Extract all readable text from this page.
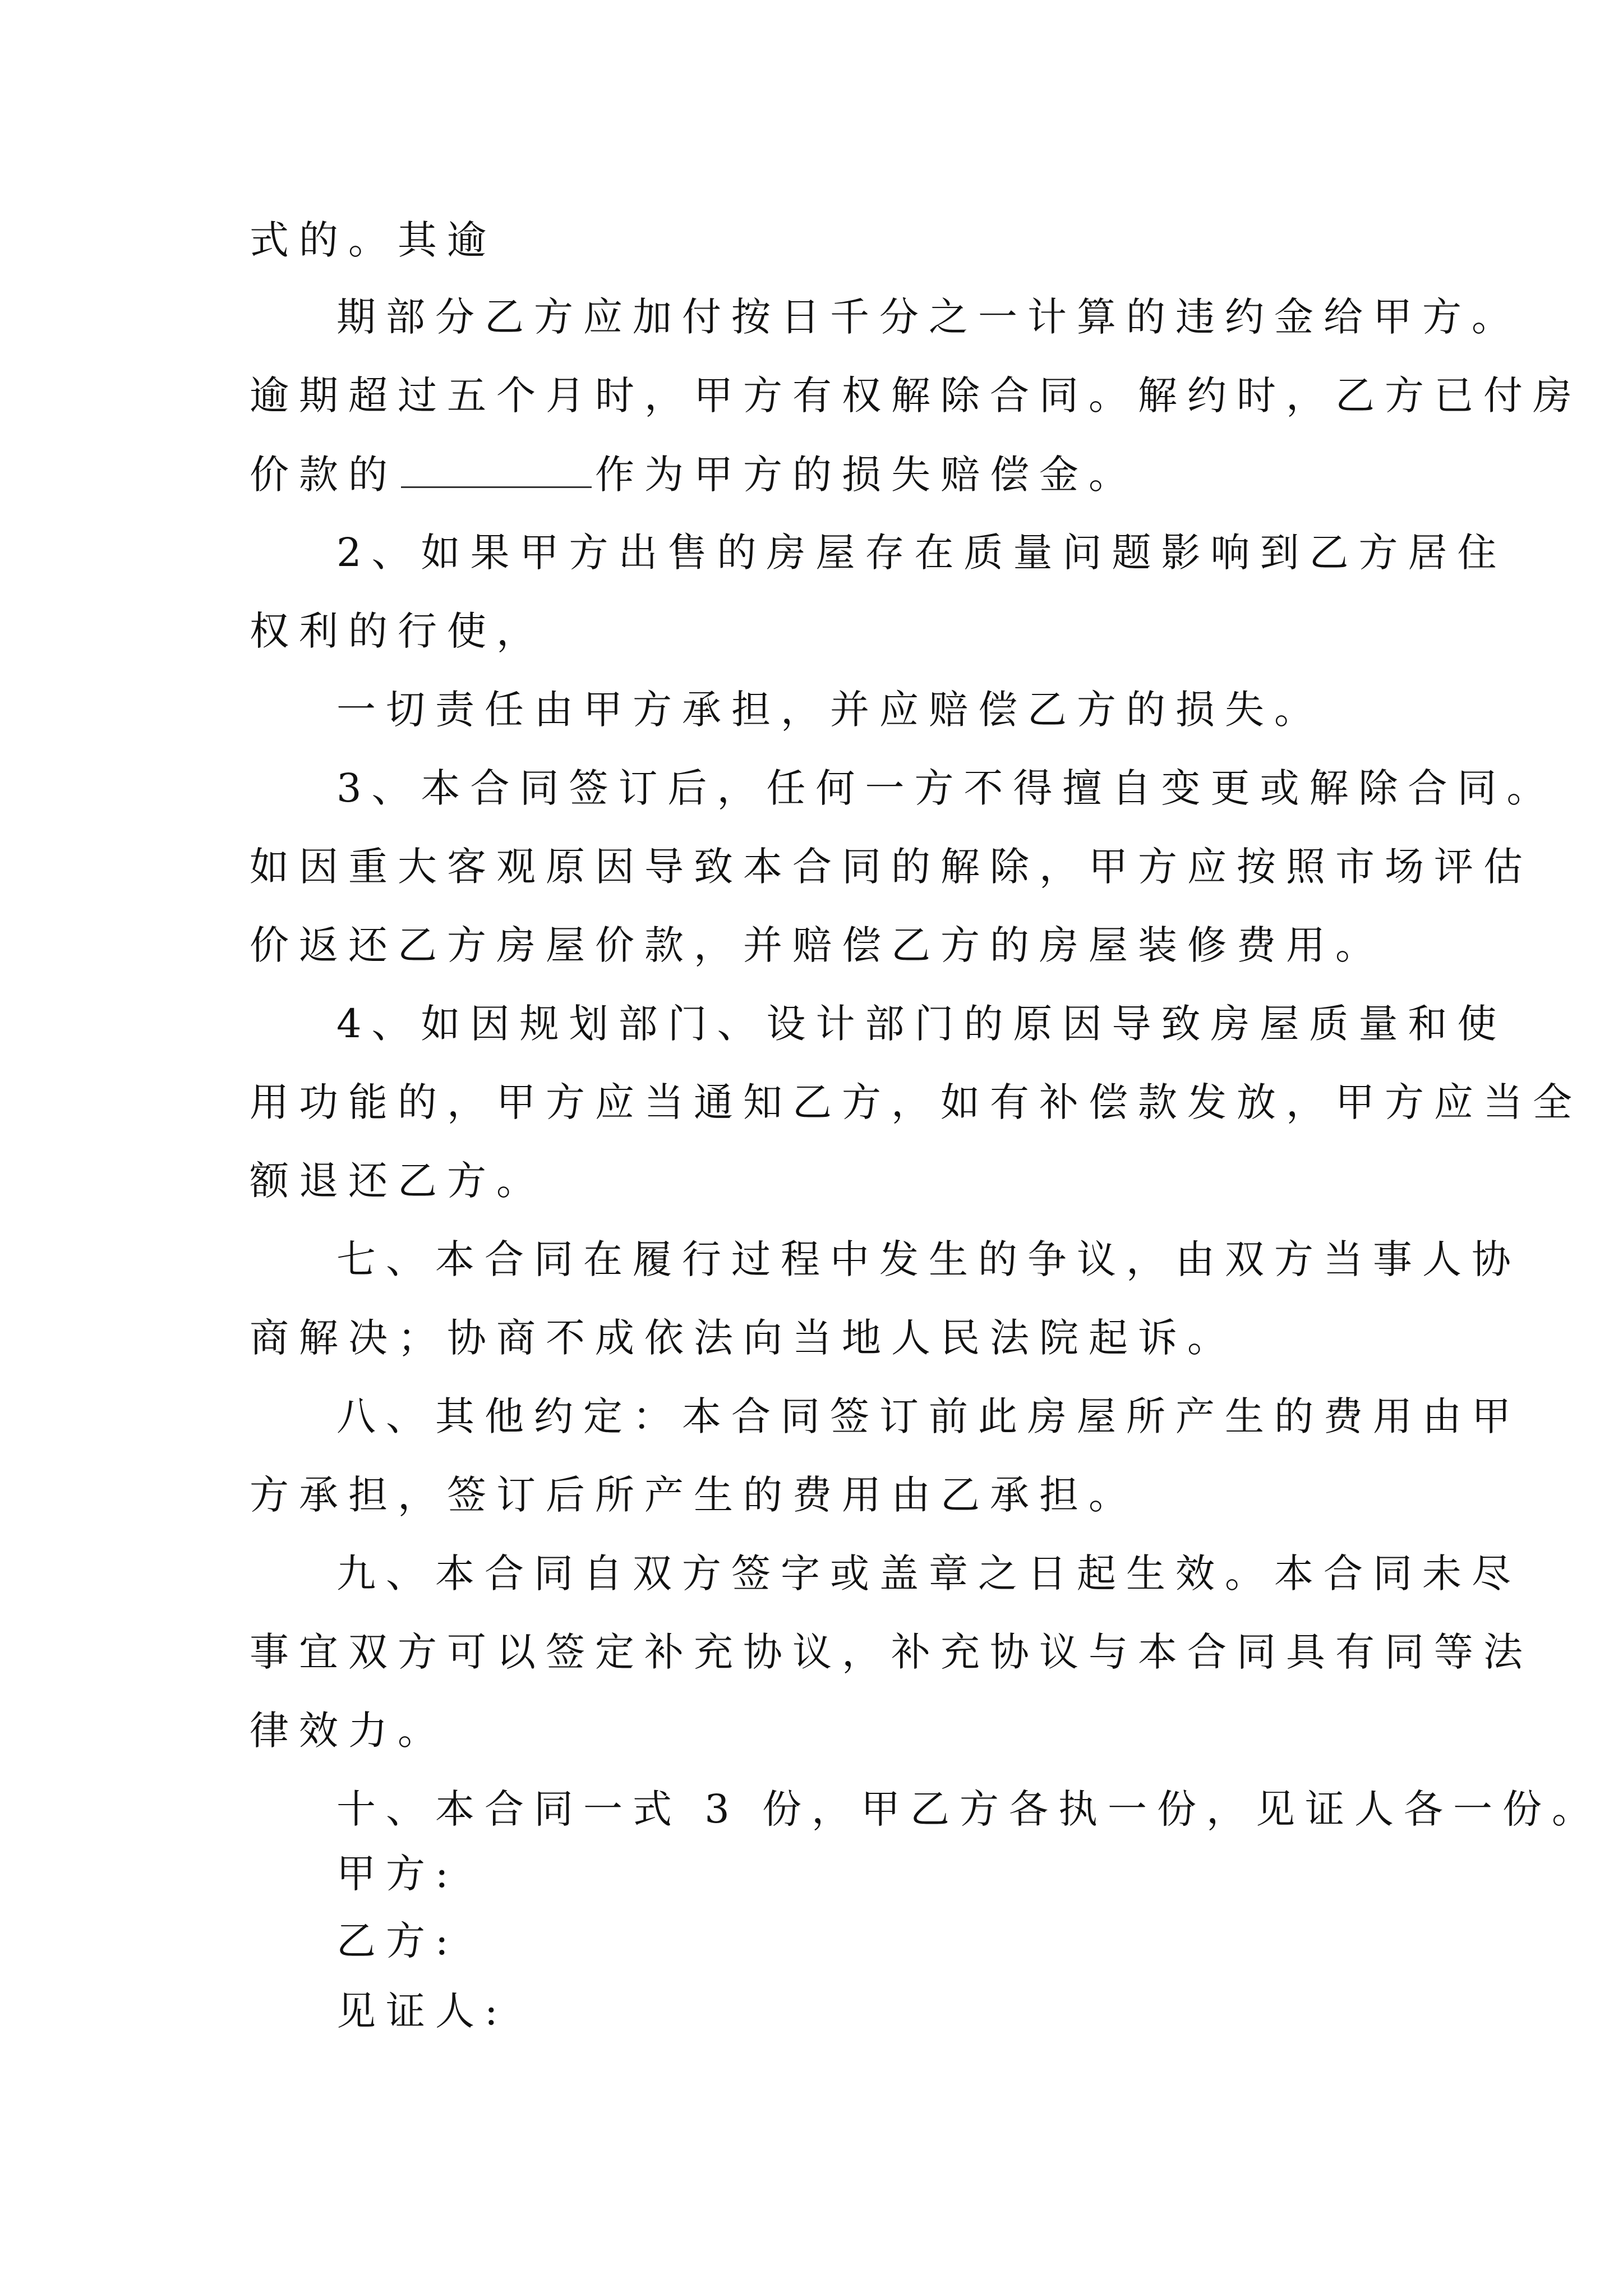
式的。其逾
期部分乙方应加付按日千分之一计算的违约金给甲方。
逾期超过五个月时，甲方有权解除合同。解约时，乙方已付房
价款的	作为甲方的损失赔偿金。
2、如果甲方出售的房屋存在质量问题影响到乙方居住
权利的行使，
一切责任由甲方承担，并应赔偿乙方的损失。
3、本合同签订后，任何一方不得擅自变更或解除合同。
如因重大客观原因导致本合同的解除，甲方应按照市场评估
价返还乙方房屋价款，并赔偿乙方的房屋装修费用。
4、如因规划部门、设计部门的原因导致房屋质量和使
用功能的，甲方应当通知乙方，如有补偿款发放，甲方应当全
额退还乙方。
七、本合同在履行过程中发生的争议，由双方当事人协
商解决；协商不成依法向当地人民法院起诉。
八、其他约定：本合同签订前此房屋所产生的费用由甲
方承担，签订后所产生的费用由乙承担。
九、本合同自双方签字或盖章之日起生效。本合同未尽
事宜双方可以签定补充协议，补充协议与本合同具有同等法
律效力。
十、本合同一式 3 份，甲乙方各执一份，见证人各一份。
甲方:
乙方:
见证人:
